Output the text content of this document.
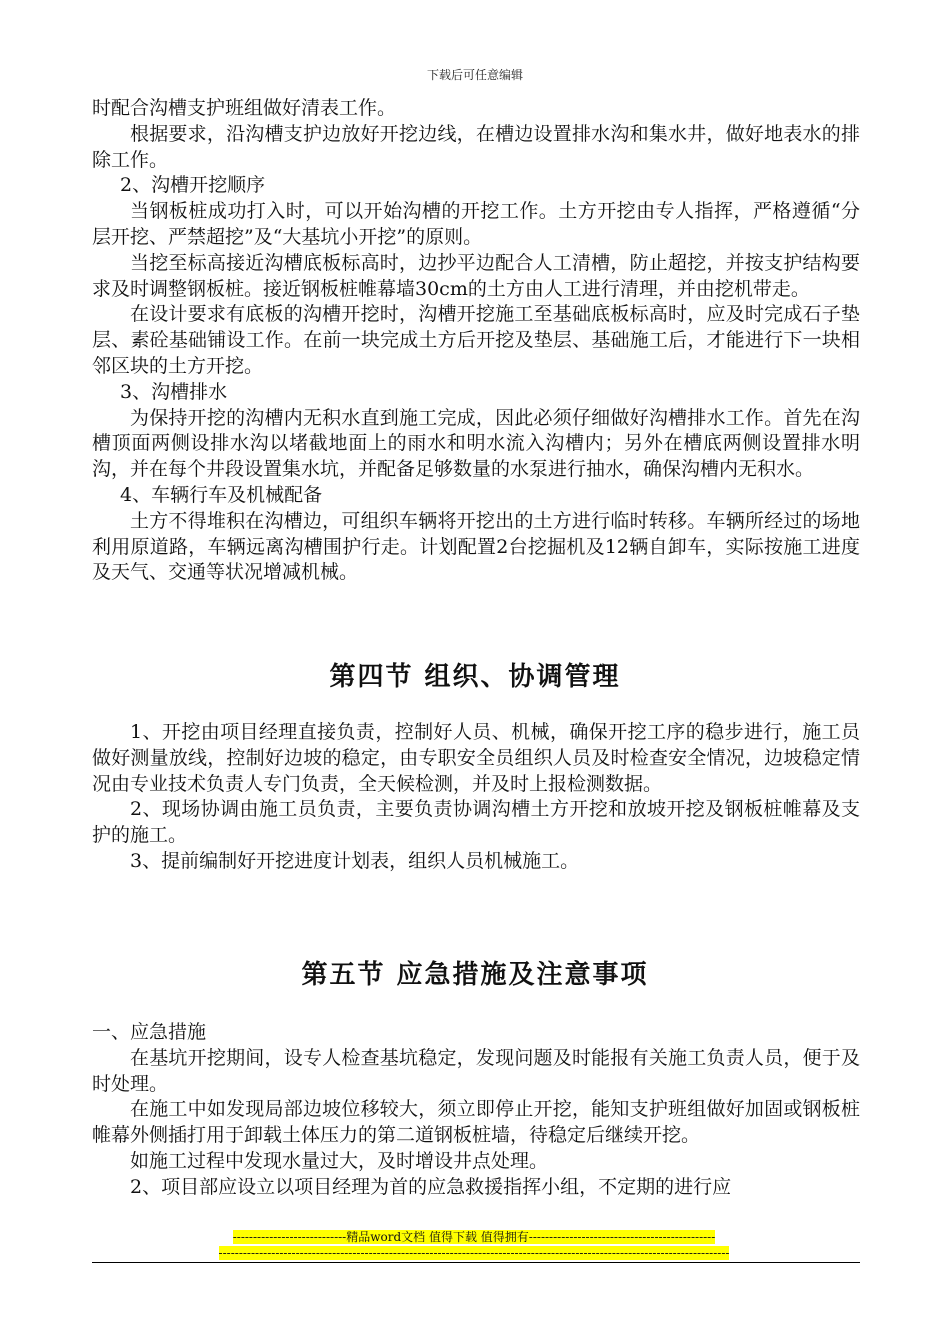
下载后可任意编辑

时配合沟槽支护班组做好清表工作。

根据要求，沿沟槽支护边放好开挖边线，在槽边设置排水沟和集水井，做好地表水的排除工作。

2、沟槽开挖顺序

当钢板桩成功打入时，可以开始沟槽的开挖工作。土方开挖由专人指挥，严格遵循“分层开挖、严禁超挖”及“大基坑小开挖”的原则。

当挖至标高接近沟槽底板标高时，边抄平边配合人工清槽，防止超挖，并按支护结构要求及时调整钢板桩。接近钢板桩帷幕墙30cm的土方由人工进行清理，并由挖机带走。

在设计要求有底板的沟槽开挖时，沟槽开挖施工至基础底板标高时，应及时完成石子垫层、素砼基础铺设工作。在前一块完成土方后开挖及垫层、基础施工后，才能进行下一块相邻区块的土方开挖。

3、沟槽排水

为保持开挖的沟槽内无积水直到施工完成，因此必须仔细做好沟槽排水工作。首先在沟槽顶面两侧设排水沟以堵截地面上的雨水和明水流入沟槽内；另外在槽底两侧设置排水明沟，并在每个井段设置集水坑，并配备足够数量的水泵进行抽水，确保沟槽内无积水。

4、车辆行车及机械配备

土方不得堆积在沟槽边，可组织车辆将开挖出的土方进行临时转移。车辆所经过的场地利用原道路，车辆远离沟槽围护行走。计划配置2台挖掘机及12辆自卸车，实际按施工进度及天气、交通等状况增减机械。

第四节 组织、协调管理

1、开挖由项目经理直接负责，控制好人员、机械，确保开挖工序的稳步进行，施工员做好测量放线，控制好边坡的稳定，由专职安全员组织人员及时检查安全情况，边坡稳定情况由专业技术负责人专门负责，全天候检测，并及时上报检测数据。

2、现场协调由施工员负责，主要负责协调沟槽土方开挖和放坡开挖及钢板桩帷幕及支护的施工。

3、提前编制好开挖进度计划表，组织人员机械施工。

第五节 应急措施及注意事项

一、应急措施

在基坑开挖期间，设专人检查基坑稳定，发现问题及时能报有关施工负责人员，便于及时处理。

在施工中如发现局部边坡位移较大，须立即停止开挖，能知支护班组做好加固或钢板桩帷幕外侧插打用于卸载土体压力的第二道钢板桩墙，待稳定后继续开挖。

如施工过程中发现水量过大，及时增设井点处理。

2、项目部应设立以项目经理为首的应急救援指挥小组，不定期的进行应

----------------------------精品word文档 值得下载 值得拥有----------------------------------------------
------------------------------------------------------------------------------------------------------------------------------
